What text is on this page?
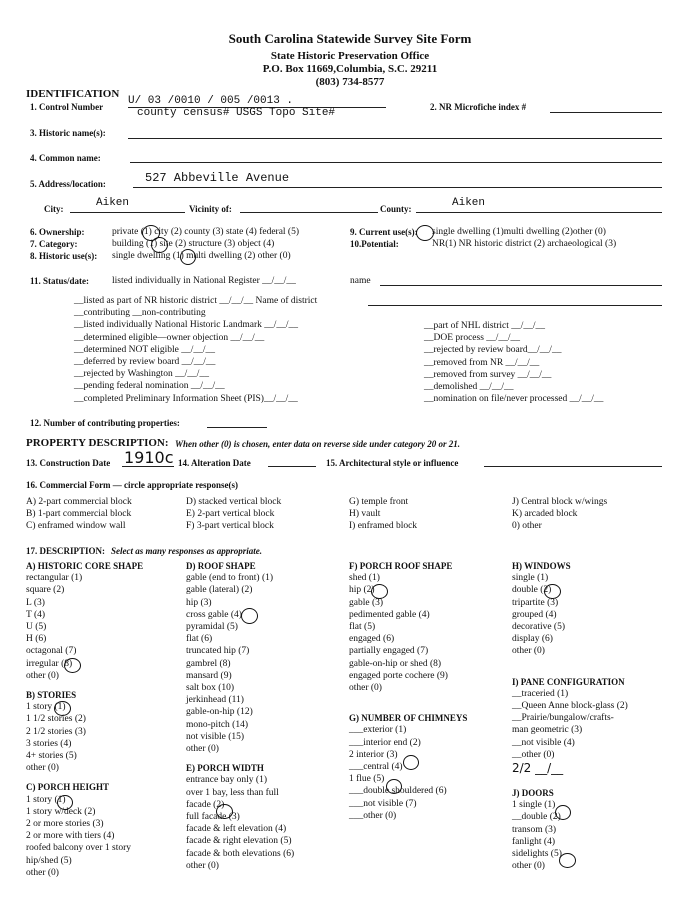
South Carolina Statewide Survey Site Form
State Historic Preservation Office
P.O. Box 11669,Columbia, S.C. 29211
(803) 734-8577
IDENTIFICATION
1. Control Number U/ 03 /0010 / 005 /0013 .
county census# USGS Topo Site#	2. NR Microfiche index #
3. Historic name(s):
4. Common name:
5. Address/location:	527 Abbeville Avenue
City:	Aiken	Vicinity of:	County:	Aiken
6. Ownership:	private (1) city (2) county (3) state (4) federal (5)
7. Category:	building (1) site (2) structure (3) object (4)
8. Historic use(s): single dwelling (1) multi dwelling (2) other (0)
9. Current use(s): single dwelling (1)multi dwelling (2)other (0)
10.Potential:	NR(1) NR historic district (2) archaeological (3)
11. Status/date: listed individually in National Register __/__/__	name
__listed as part of NR historic district __/__/__ Name of district
__contributing __non-contributing
__listed individually National Historic Landmark __/__/__
__determined eligible—owner objection __/__/__
__determined NOT eligible __/__/__
__deferred by review board __/__/__
__rejected by Washington __/__/__
__pending federal nomination __/__/__
__completed Preliminary Information Sheet (PIS)__/__/__
__part of NHL district __/__/__
__DOE process __/__/__
__rejected by review board__/__/__
__removed from NR __/__/__
__removed from survey __/__/__
__demolished __/__/__
__nomination on file/never processed __/__/__
12. Number of contributing properties:
PROPERTY DESCRIPTION: When other (0) is chosen, enter data on reverse side under category 20 or 21.
13. Construction Date 1910c 14. Alteration Date	15. Architectural style or influence
16. Commercial Form — circle appropriate response(s)
A) 2-part commercial block
B) 1-part commercial block
C) enframed window wall
D) stacked vertical block
E) 2-part vertical block
F) 3-part vertical block
G) temple front
H) vault
I) enframed block
J) Central block w/wings
K) arcaded block
0) other
17. DESCRIPTION: Select as many responses as appropriate.
A) HISTORIC CORE SHAPE
rectangular (1)
square (2)
L (3)
T (4)
U (5)
H (6)
octagonal (7)
irregular (8)
other (0)
B) STORIES
1 story (1)
1 1/2 stories (2)
2 1/2 stories (3)
3 stories (4)
4+ stories (5)
other (0)
C) PORCH HEIGHT
1 story (1)
1 story w/deck (2)
2 or more stories (3)
2 or more with tiers (4)
roofed balcony over 1 story
hip/shed (5)
other (0)
D) ROOF SHAPE
gable (end to front) (1)
gable (lateral) (2)
hip (3)
cross gable (4)
pyramidal (5)
flat (6)
truncated hip (7)
gambrel (8)
mansard (9)
salt box (10)
jerkinhead (11)
gable-on-hip (12)
mono-pitch (14)
not visible (15)
other (0)
E) PORCH WIDTH
entrance bay only (1)
over 1 bay, less than full
facade (2)
full facade (3)
facade & left elevation (4)
facade & right elevation (5)
facade & both elevations (6)
other (0)
F) PORCH ROOF SHAPE
shed (1)
hip (2)
gable (3)
pedimented gable (4)
flat (5)
engaged (6)
partially engaged (7)
gable-on-hip or shed (8)
engaged porte cochere (9)
other (0)
G) NUMBER OF CHIMNEYS
___exterior (1)
___interior end (2)
2 interior (3)
___central (4)
1 flue (5)
___double shouldered (6)
___not visible (7)
___other (0)
H) WINDOWS
single (1)
double (2)
tripartite (3)
grouped (4)
decorative (5)
display (6)
other (0)
I) PANE CONFIGURATION
__traceried (1)
__Queen Anne block-glass (2)
__Prairie/bungalow/crafts-
man geometric (3)
__not visible (4)
__other (0)
2/2 __/__
J) DOORS
1 single (1)
__double (2)
transom (3)
fanlight (4)
sidelights (5)
other (0)
